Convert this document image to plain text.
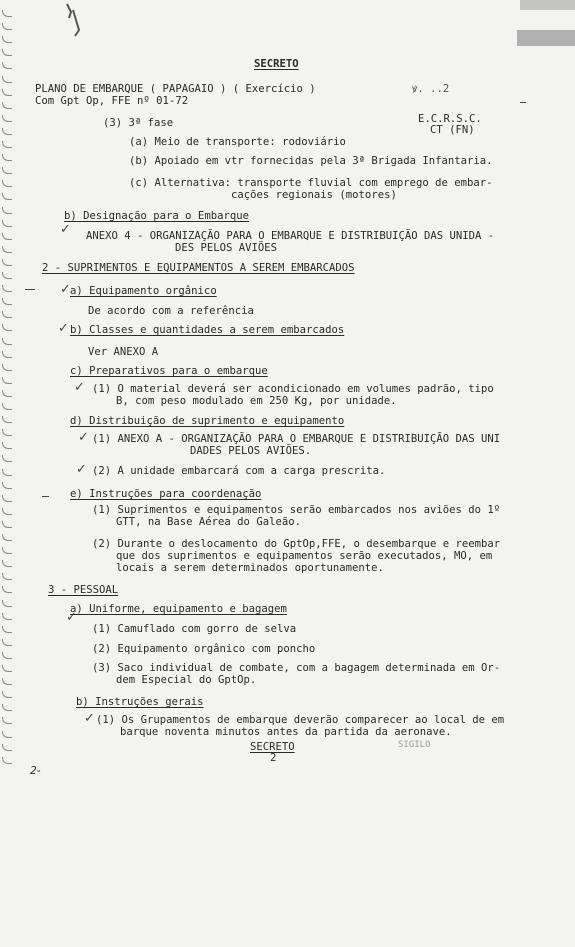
SECRETO
PLANO DE EMBARQUE ( PAPAGAIO ) ( Exercício )
Com Gpt Op, FFE nº 01-72
ꝟ. ..2
E.C.R.S.C.
CT (FN)
(3) 3ª fase
(a) Meio de transporte: rodoviário
(b) Apoiado em vtr fornecidas pela 3ª Brigada Infantaria.
(c) Alternativa: transporte fluvial com emprego de embar-
cações regionais (motores)
b) Designação para o Embarque
ANEXO 4 - ORGANIZAÇÃO PARA O EMBARQUE E DISTRIBUIÇÃO DAS UNIDA -
DES PELOS AVIÕES
2 - SUPRIMENTOS E EQUIPAMENTOS A SEREM EMBARCADOS
a) Equipamento orgânico
De acordo com a referência
b) Classes e quantidades a serem embarcados
Ver ANEXO A
c) Preparativos para o embarque
(1) O material deverá ser acondicionado em volumes padrão, tipo
B, com peso modulado em 250 Kg, por unidade.
d) Distribuição de suprimento e equipamento
(1) ANEXO A - ORGANIZAÇÃO PARA O EMBARQUE E DISTRIBUIÇÃO DAS UNI
DADES PELOS AVIÕES.
(2) A unidade embarcará com a carga prescrita.
e) Instruções para coordenação
(1) Suprimentos e equipamentos serão embarcados nos aviões do 1º
GTT, na Base Aérea do Galeão.
(2) Durante o deslocamento do GptOp,FFE, o desembarque e reembar
que dos suprimentos e equipamentos serão executados, MO, em
locais a serem determinados oportunamente.
3 - PESSOAL
a) Uniforme, equipamento e bagagem
(1) Camuflado com gorro de selva
(2) Equipamento orgânico com poncho
(3) Saco individual de combate, com a bagagem determinada em Or-
dem Especial do GptOp.
b) Instruções gerais
(1) Os Grupamentos de embarque deverão comparecer ao local de em
barque noventa minutos antes da partida da aeronave.
SECRETO
2
SIGILO
2-
✓
✓
✓
✓
✓
✓
✓
✓
